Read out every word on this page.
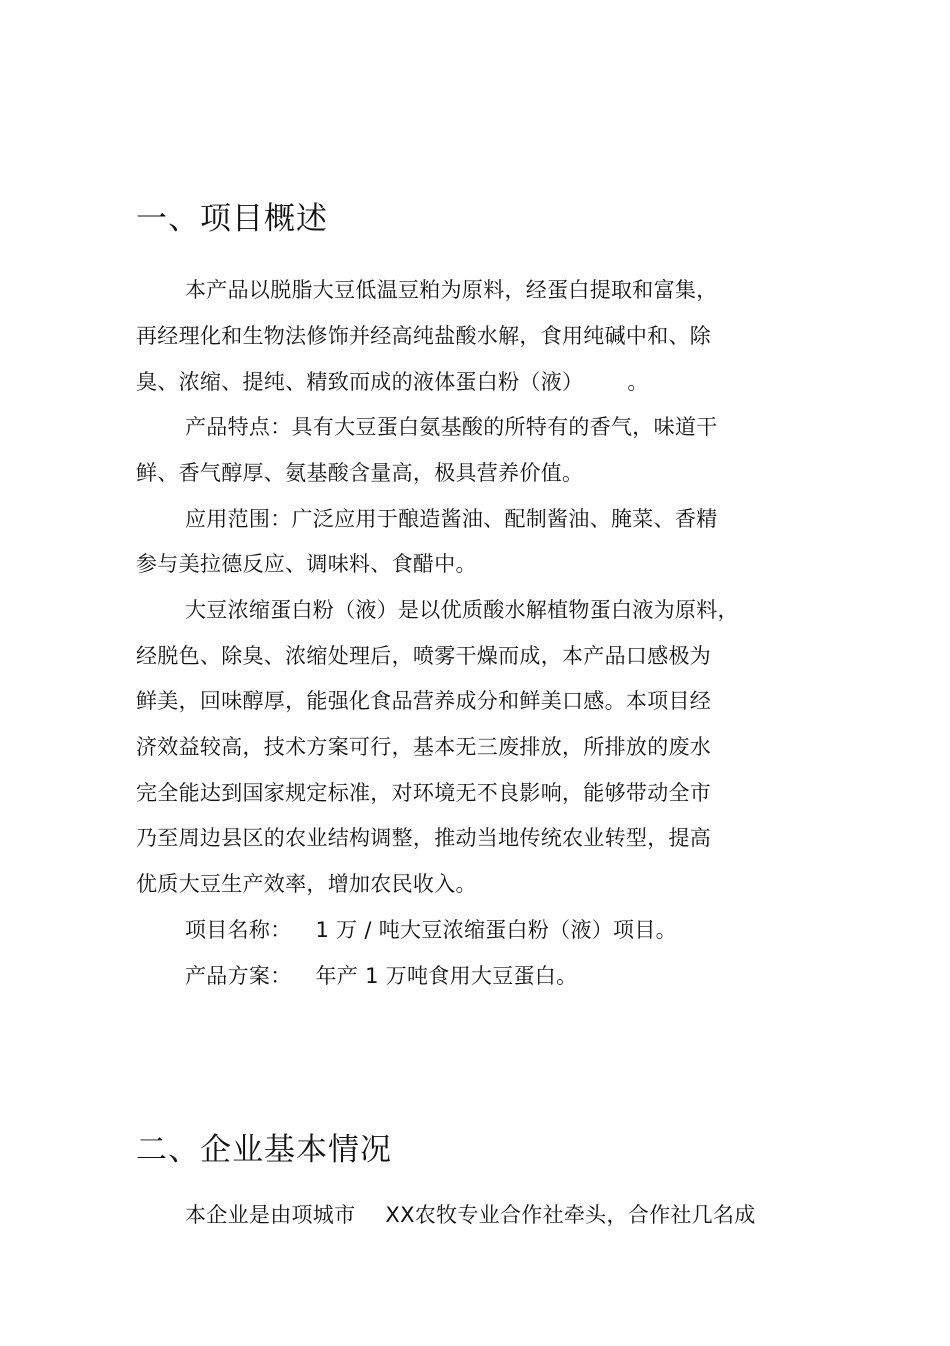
一、项目概述

本产品以脱脂大豆低温豆粕为原料，经蛋白提取和富集，

再经理化和生物法修饰并经高纯盐酸水解，食用纯碱中和、除

臭、浓缩、提纯、精致而成的液体蛋白粉（液） 。

产品特点：具有大豆蛋白氨基酸的所特有的香气，味道干

鲜、香气醇厚、氨基酸含量高，极具营养价值。

应用范围：广泛应用于酿造酱油、配制酱油、腌菜、香精

参与美拉德反应、调味料、食醋中。

大豆浓缩蛋白粉（液）是以优质酸水解植物蛋白液为原料，

经脱色、除臭、浓缩处理后，喷雾干燥而成，本产品口感极为

鲜美，回味醇厚，能强化食品营养成分和鲜美口感。本项目经

济效益较高，技术方案可行，基本无三废排放，所排放的废水

完全能达到国家规定标准，对环境无不良影响，能够带动全市

乃至周边县区的农业结构调整，推动当地传统农业转型，提高

优质大豆生产效率，增加农民收入。

项目名称： 1 万 / 吨大豆浓缩蛋白粉（液）项目。

产品方案： 年产 1 万吨食用大豆蛋白。

二、企业基本情况

本企业是由项城市 XX农牧专业合作社牵头，合作社几名成
